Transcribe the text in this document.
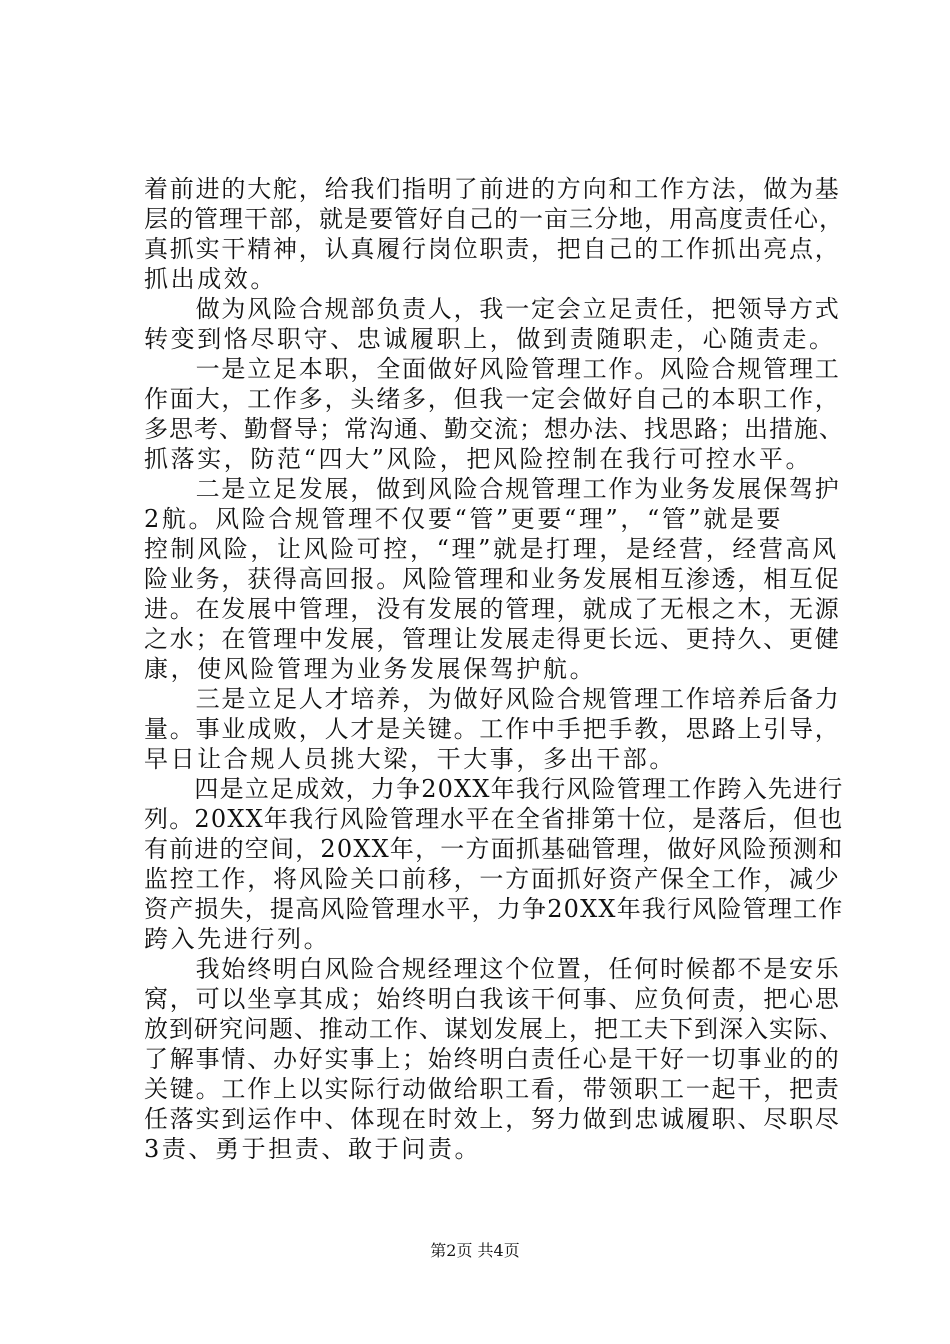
着前进的大舵，给我们指明了前进的方向和工作方法，做为基
层的管理干部，就是要管好自己的一亩三分地，用高度责任心，
真抓实干精神，认真履行岗位职责，把自己的工作抓出亮点，
抓出成效。
　　做为风险合规部负责人，我一定会立足责任，把领导方式
转变到恪尽职守、忠诚履职上，做到责随职走，心随责走。
　　一是立足本职，全面做好风险管理工作。风险合规管理工
作面大，工作多，头绪多，但我一定会做好自己的本职工作，
多思考、勤督导；常沟通、勤交流；想办法、找思路；出措施、
抓落实，防范“四大”风险，把风险控制在我行可控水平。
　　二是立足发展，做到风险合规管理工作为业务发展保驾护
2航。风险合规管理不仅要“管”更要“理”，“管”就是要
控制风险，让风险可控，“理”就是打理，是经营，经营高风
险业务，获得高回报。风险管理和业务发展相互渗透，相互促
进。在发展中管理，没有发展的管理，就成了无根之木，无源
之水；在管理中发展，管理让发展走得更长远、更持久、更健
康，使风险管理为业务发展保驾护航。
　　三是立足人才培养，为做好风险合规管理工作培养后备力
量。事业成败，人才是关键。工作中手把手教，思路上引导，
早日让合规人员挑大梁，干大事，多出干部。
　　四是立足成效，力争20XX年我行风险管理工作跨入先进行
列。20XX年我行风险管理水平在全省排第十位，是落后，但也
有前进的空间，20XX年，一方面抓基础管理，做好风险预测和
监控工作，将风险关口前移，一方面抓好资产保全工作，减少
资产损失，提高风险管理水平，力争20XX年我行风险管理工作
跨入先进行列。
　　我始终明白风险合规经理这个位置，任何时候都不是安乐
窝，可以坐享其成；始终明白我该干何事、应负何责，把心思
放到研究问题、推动工作、谋划发展上，把工夫下到深入实际、
了解事情、办好实事上；始终明白责任心是干好一切事业的的
关键。工作上以实际行动做给职工看，带领职工一起干，把责
任落实到运作中、体现在时效上，努力做到忠诚履职、尽职尽
3责、勇于担责、敢于问责。
第2页 共4页
